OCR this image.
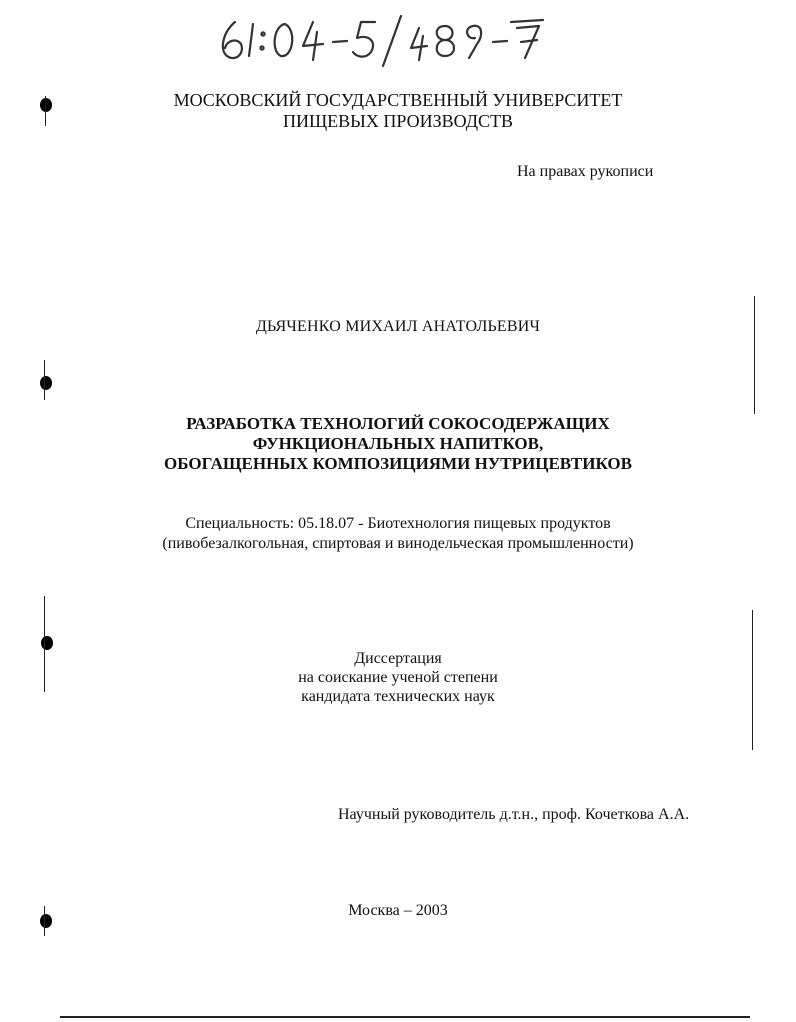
МОСКОВСКИЙ ГОСУДАРСТВЕННЫЙ УНИВЕРСИТЕТ
ПИЩЕВЫХ ПРОИЗВОДСТВ
На правах рукописи
ДЬЯЧЕНКО МИХАИЛ АНАТОЛЬЕВИЧ
РАЗРАБОТКА ТЕХНОЛОГИЙ СОКОСОДЕРЖАЩИХ
ФУНКЦИОНАЛЬНЫХ НАПИТКОВ,
ОБОГАЩЕННЫХ КОМПОЗИЦИЯМИ НУТРИЦЕВТИКОВ
Специальность: 05.18.07 - Биотехнология пищевых продуктов
(пивобезалкогольная, спиртовая и винодельческая промышленности)
Диссертация
на соискание ученой степени
кандидата технических наук
Научный руководитель д.т.н., проф. Кочеткова А.А.
Москва – 2003
